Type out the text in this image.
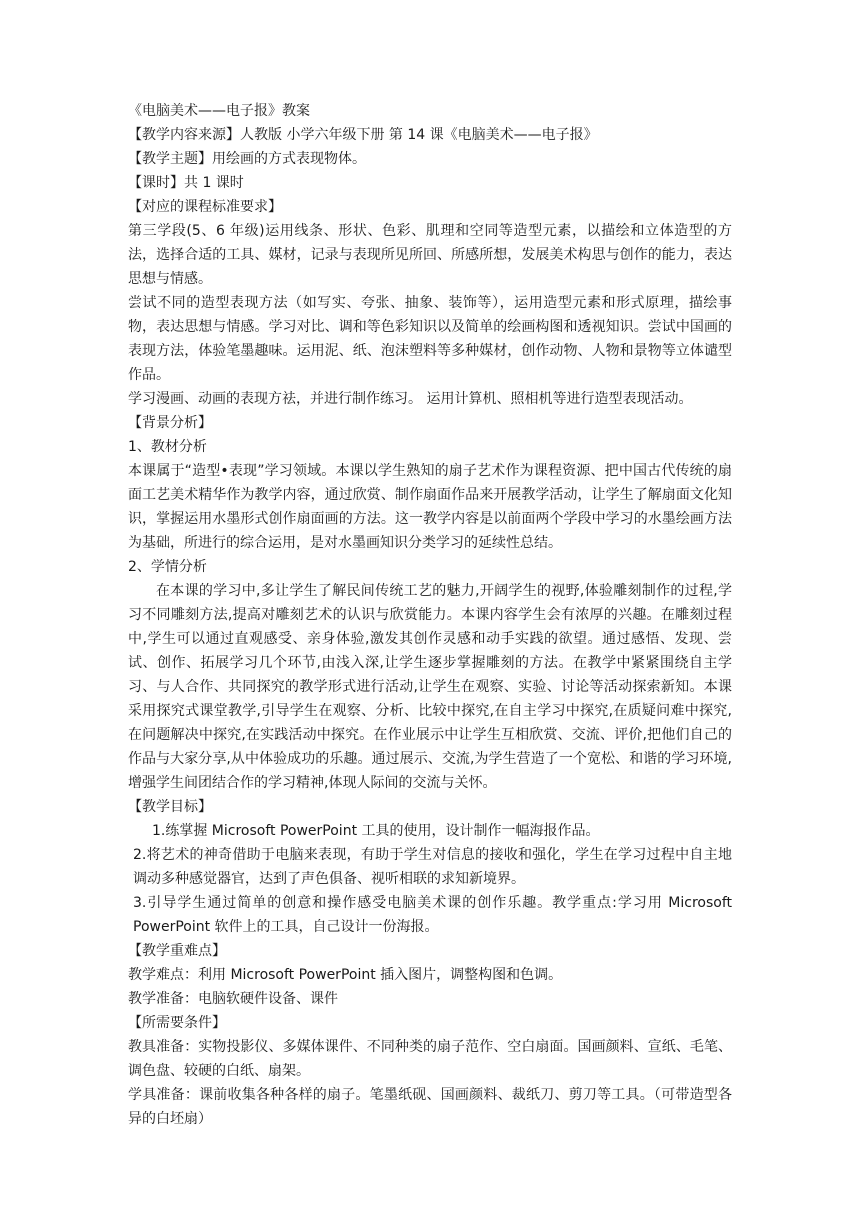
《电脑美术——电子报》教案
【教学内容来源】人教版 小学六年级下册 第 14 课《电脑美术——电子报》
【教学主题】用绘画的方式表现物体。
【课时】共 1 课时
【对应的课程标准要求】

第三学段(5、6 年级)运用线条、形状、色彩、肌理和空同等造型元素，以描绘和立体造型的方法，选择合适的工具、媒材，记录与表现所见所回、所感所想，发展美术构思与创作的能力，表达思想与情感。

尝试不同的造型表现方法（如写实、夸张、抽象、装饰等），运用造型元素和形式原理，描绘事物，表达思想与情感。学习对比、调和等色彩知识以及简单的绘画构图和透视知识。尝试中国画的表现方法，体验笔墨趣味。运用泥、纸、泡沫塑料等多种媒材，创作动物、人物和景物等立体谴型作品。

学习漫画、动画的表现方祛，并进行制作练习。 运用计算机、照相机等进行造型表现活动。

【背景分析】
1、教材分析

本课属于“造型•表现”学习领域。本课以学生熟知的扇子艺术作为课程资源、把中国古代传统的扇面工艺美术精华作为教学内容，通过欣赏、制作扇面作品来开展教学活动，让学生了解扇面文化知识，掌握运用水墨形式创作扇面画的方法。这一教学内容是以前面两个学段中学习的水墨绘画方法为基础，所进行的综合运用，是对水墨画知识分类学习的延续性总结。

2、学情分析

在本课的学习中,多让学生了解民间传统工艺的魅力,开阔学生的视野,体验雕刻制作的过程,学习不同雕刻方法,提高对雕刻艺术的认识与欣赏能力。本课内容学生会有浓厚的兴趣。在雕刻过程中,学生可以通过直观感受、亲身体验,激发其创作灵感和动手实践的欲望。通过感悟、发现、尝试、创作、拓展学习几个环节,由浅入深,让学生逐步掌握雕刻的方法。在教学中紧紧围绕自主学习、与人合作、共同探究的教学形式进行活动,让学生在观察、实验、讨论等活动探索新知。本课采用探究式课堂教学,引导学生在观察、分析、比较中探究,在自主学习中探究,在质疑问难中探究,在问题解决中探究,在实践活动中探究。在作业展示中让学生互相欣赏、交流、评价,把他们自己的作品与大家分享,从中体验成功的乐趣。通过展示、交流,为学生营造了一个宽松、和谐的学习环境,增强学生间团结合作的学习精神,体现人际间的交流与关怀。

【教学目标】

1.练掌握 Microsoft PowerPoint 工具的使用，设计制作一幅海报作品。

2.将艺术的神奇借助于电脑来表现，有助于学生对信息的接收和强化，学生在学习过程中自主地调动多种感觉器官，达到了声色俱备、视听相联的求知新境界。

3.引导学生通过简单的创意和操作感受电脑美术课的创作乐趣。教学重点:学习用 Microsoft PowerPoint 软件上的工具，自己设计一份海报。

【教学重难点】
教学难点：利用 Microsoft PowerPoint 插入图片，调整构图和色调。
教学准备：电脑软硬件设备、课件
【所需要条件】

教具准备：实物投影仪、多媒体课件、不同种类的扇子范作、空白扇面。国画颜料、宣纸、毛笔、调色盘、较硬的白纸、扇架。

学具准备：课前收集各种各样的扇子。笔墨纸砚、国画颜料、裁纸刀、剪刀等工具。（可带造型各异的白坯扇）
